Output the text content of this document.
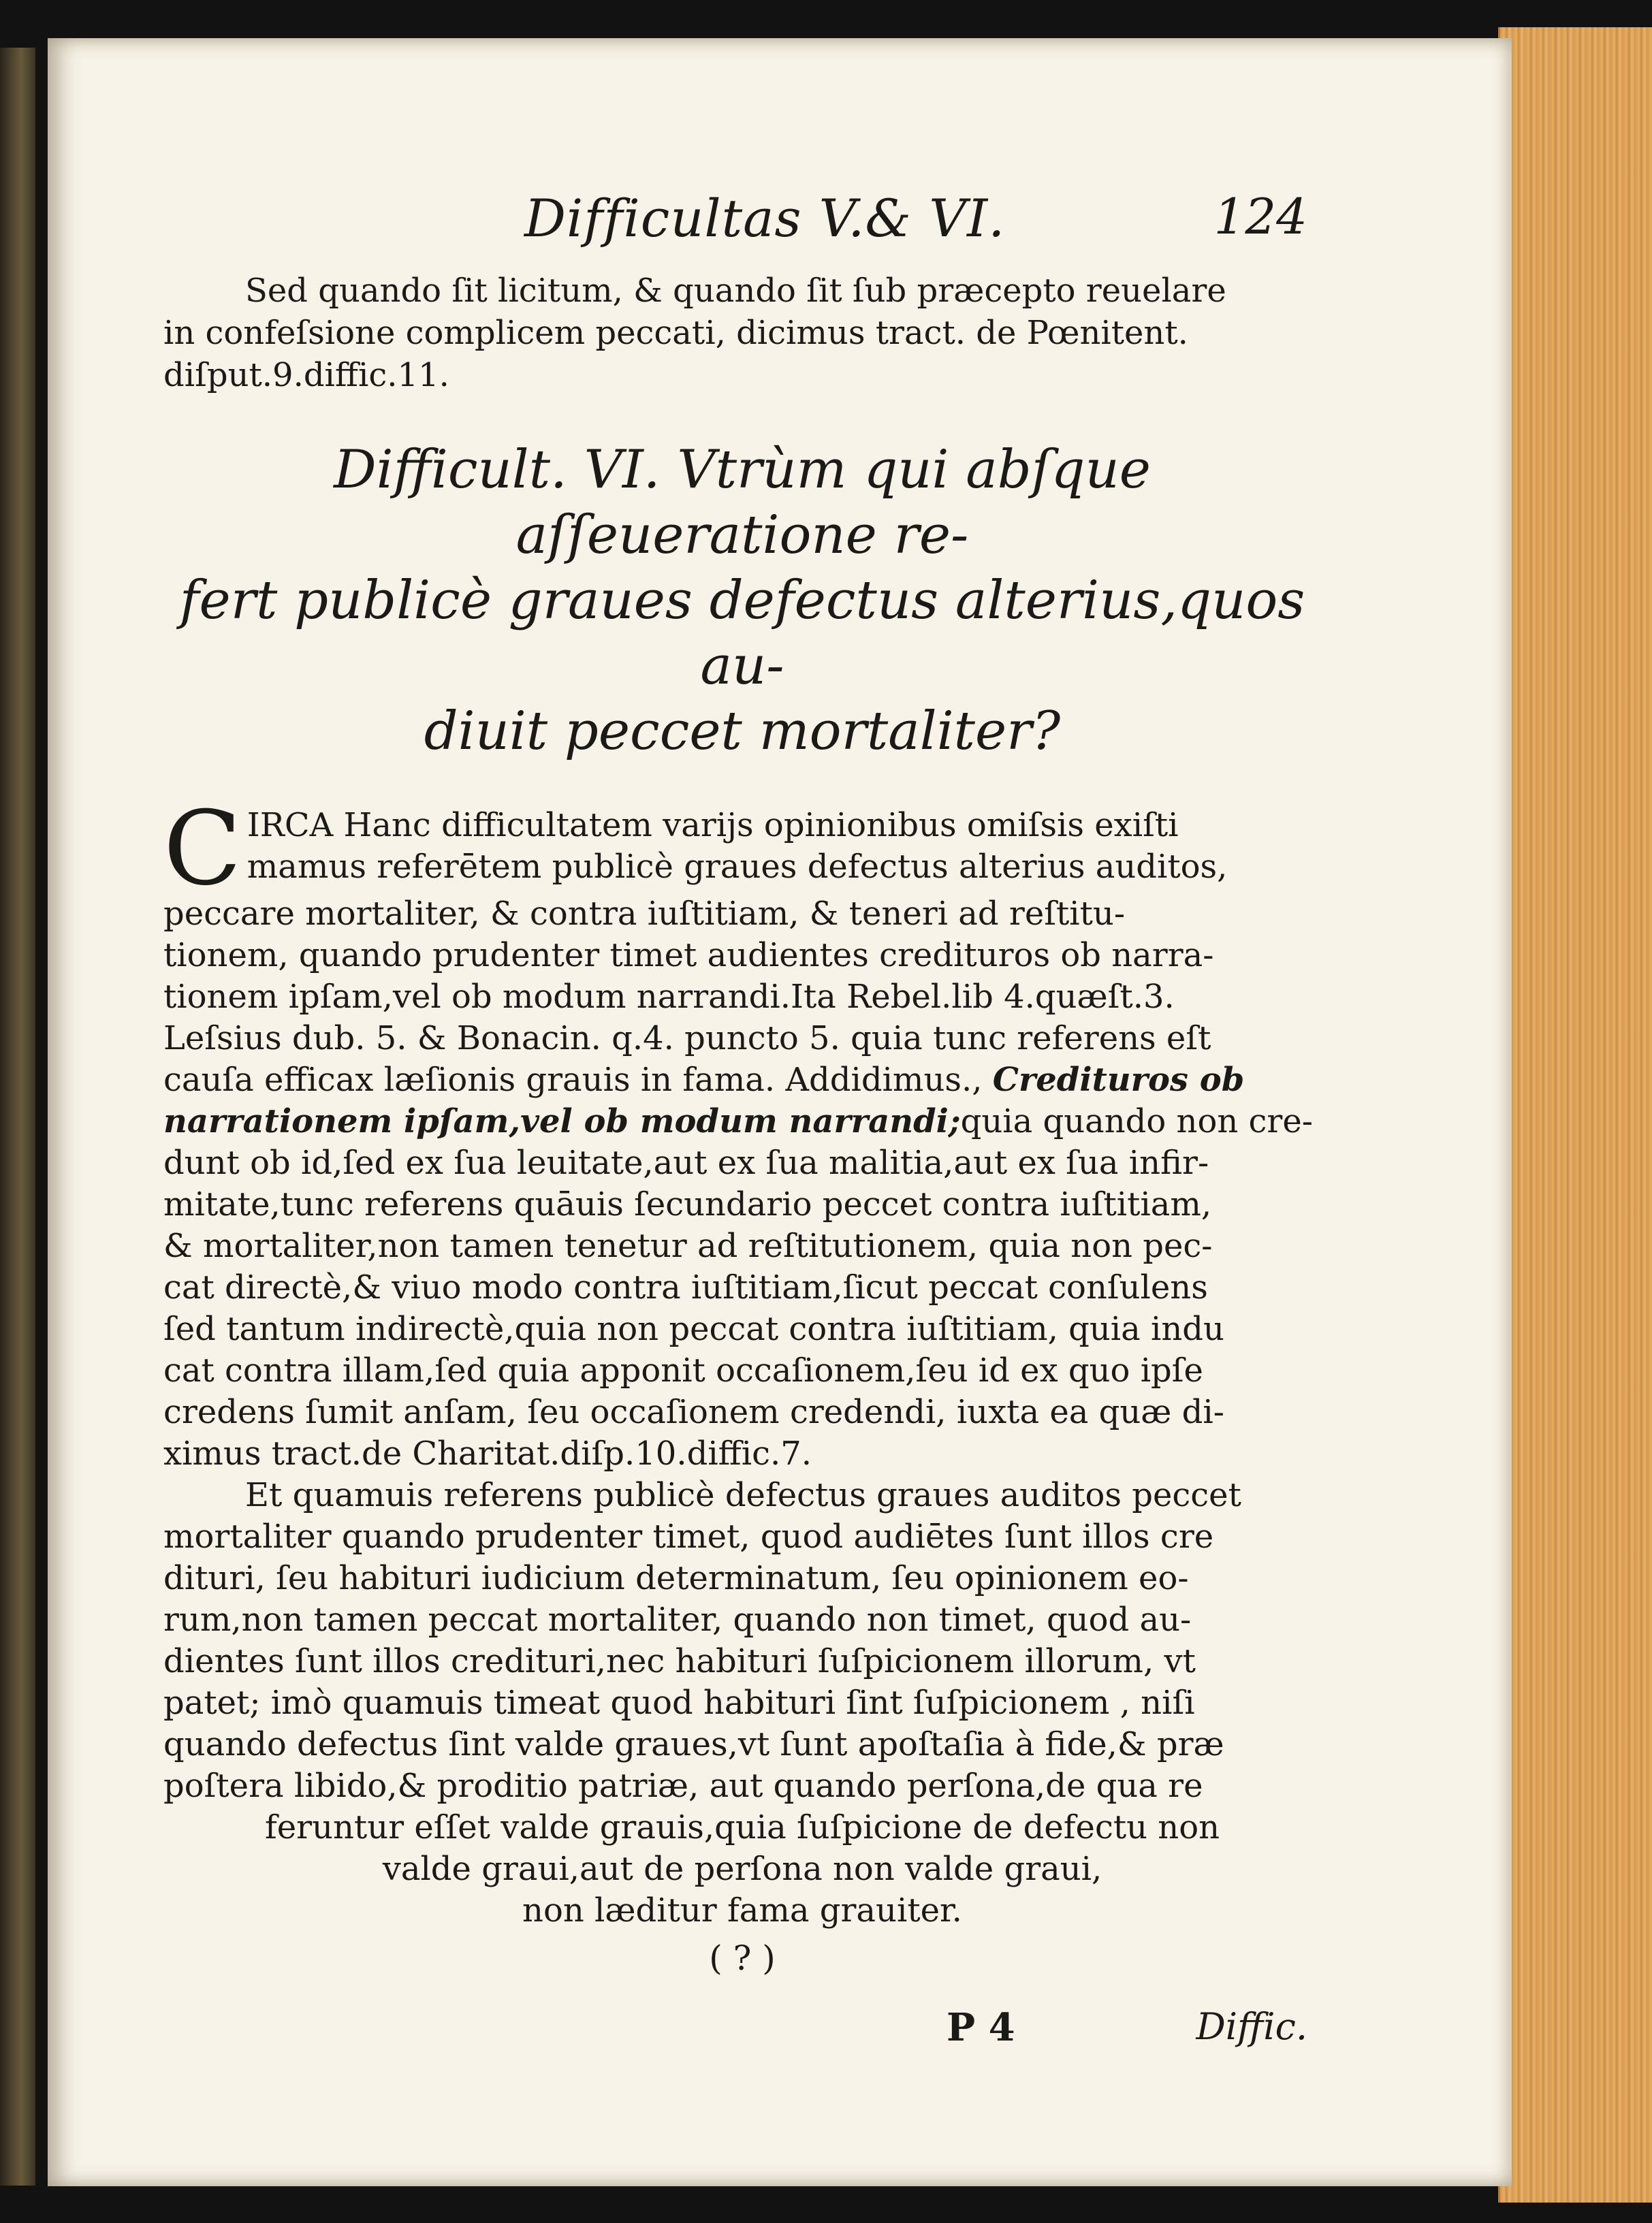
Difficultas V.& VI.	124

Sed quando ſit licitum, & quando ſit ſub præcepto reuelare
in confeſsione complicem peccati, dicimus tract. de Pœnitent.
diſput.9.diffic.11.

Difficult. VI. Vtrùm qui abſque aſſeueratione re-
fert publicè graues defectus alterius,quos au-
diuit peccet mortaliter?
C IRCA Hanc difficultatem varijs opinionibus omiſsis exiſti
mamus referētem publicè graues defectus alterius auditos,
peccare mortaliter, & contra iuſtitiam, & teneri ad reſtitu-
tionem, quando prudenter timet audientes credituros ob narra-
tionem ipſam,vel ob modum narrandi.Ita Rebel.lib 4.quæſt.3.
Leſsius dub. 5. & Bonacin. q.4. puncto 5. quia tunc referens eſt
cauſa efficax læſionis grauis in fama. Addidimus., Credituros ob
narrationem ipſam,vel ob modum narrandi;quia quando non cre-
dunt ob id,ſed ex ſua leuitate,aut ex ſua malitia,aut ex ſua infir-
mitate,tunc referens quāuis ſecundario peccet contra iuſtitiam,
& mortaliter,non tamen tenetur ad reſtitutionem, quia non pec-
cat directè,& viuo modo contra iuſtitiam,ſicut peccat conſulens
ſed tantum indirectè,quia non peccat contra iuſtitiam, quia indu
cat contra illam,ſed quia apponit occaſionem,ſeu id ex quo ipſe
credens ſumit anſam, ſeu occaſionem credendi, iuxta ea quæ di-
ximus tract.de Charitat.diſp.10.diffic.7.
Et quamuis referens publicè defectus graues auditos peccet
mortaliter quando prudenter timet, quod audiētes ſunt illos cre
dituri, ſeu habituri iudicium determinatum, ſeu opinionem eo-
rum,non tamen peccat mortaliter, quando non timet, quod au-
dientes ſunt illos credituri,nec habituri ſuſpicionem illorum, vt
patet; imò quamuis timeat quod habituri ſint ſuſpicionem , niſi
quando defectus ſint valde graues,vt ſunt apoſtaſia à fide,& præ
poſtera libido,& proditio patriæ, aut quando perſona,de qua re
feruntur eſſet valde grauis,quia ſuſpicione de defectu non
valde graui,aut de perſona non valde graui,
non læditur fama grauiter.
( ? )
P 4	Diffic.
